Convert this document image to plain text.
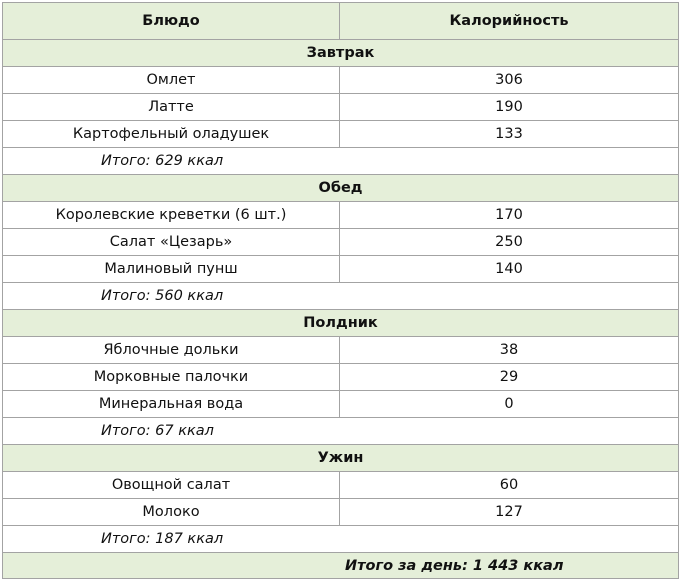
Блюдо	Калорийность
Завтрак	
Омлет	306
Латте	190
Картофельный оладушек	133
Итого: 629 ккал	
Обед	
Королевские креветки (6 шт.)	170
Салат «Цезарь»	250
Малиновый пунш	140
Итого: 560 ккал	
Полдник	
Яблочные дольки	38
Морковные палочки	29
Минеральная вода	0
Итого: 67 ккал	
Ужин	
Овощной салат	60
Молоко	127
Итого: 187 ккал	
Итого за день: 1 443 ккал	
